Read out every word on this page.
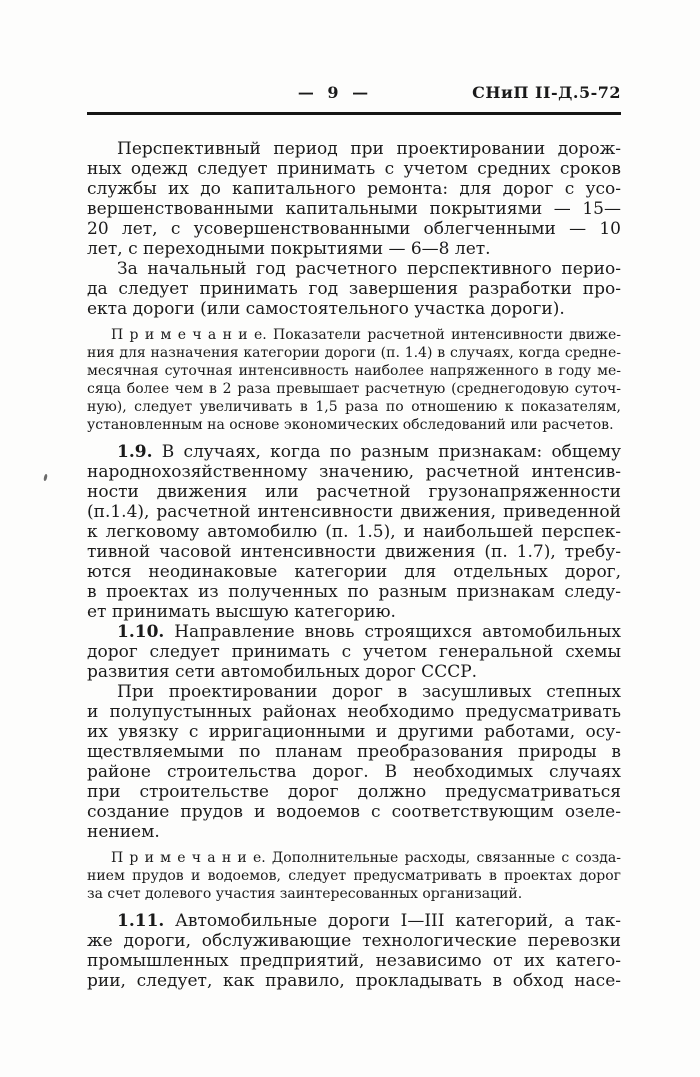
— 9 —	СНиП II-Д.5-72
Перспективный период при проектировании дорож-
ных одежд следует принимать с учетом средних сроков
службы их до капитального ремонта: для дорог с усо-
вершенствованными капитальными покрытиями — 15—
20 лет, с усовершенствованными облегченными — 10
лет, с переходными покрытиями — 6—8 лет.
За начальный год расчетного перспективного перио-
да следует принимать год завершения разработки про-
екта дороги (или самостоятельного участка дороги).
П р и м е ч а н и е. Показатели расчетной интенсивности движе-
ния для назначения категории дороги (п. 1.4) в случаях, когда средне-
месячная суточная интенсивность наиболее напряженного в году ме-
сяца более чем в 2 раза превышает расчетную (среднегодовую суточ-
ную), следует увеличивать в 1,5 раза по отношению к показателям,
установленным на основе экономических обследований или расчетов.
1.9. В случаях, когда по разным признакам: общему
народнохозяйственному значению, расчетной интенсив-
ности движения или расчетной грузонапряженности
(п.1.4), расчетной интенсивности движения, приведенной
к легковому автомобилю (п. 1.5), и наибольшей перспек-
тивной часовой интенсивности движения (п. 1.7), требу-
ются неодинаковые категории для отдельных дорог,
в проектах из полученных по разным признакам следу-
ет принимать высшую категорию.
1.10. Направление вновь строящихся автомобильных
дорог следует принимать с учетом генеральной схемы
развития сети автомобильных дорог СССР.
При проектировании дорог в засушливых степных
и полупустынных районах необходимо предусматривать
их увязку с ирригационными и другими работами, осу-
ществляемыми по планам преобразования природы в
районе строительства дорог. В необходимых случаях
при строительстве дорог должно предусматриваться
создание прудов и водоемов с соответствующим озеле-
нением.
П р и м е ч а н и е. Дополнительные расходы, связанные с созда-
нием прудов и водоемов, следует предусматривать в проектах дорог
за счет долевого участия заинтересованных организаций.
1.11. Автомобильные дороги I—III категорий, а так-
же дороги, обслуживающие технологические перевозки
промышленных предприятий, независимо от их катего-
рии, следует, как правило, прокладывать в обход насе-
